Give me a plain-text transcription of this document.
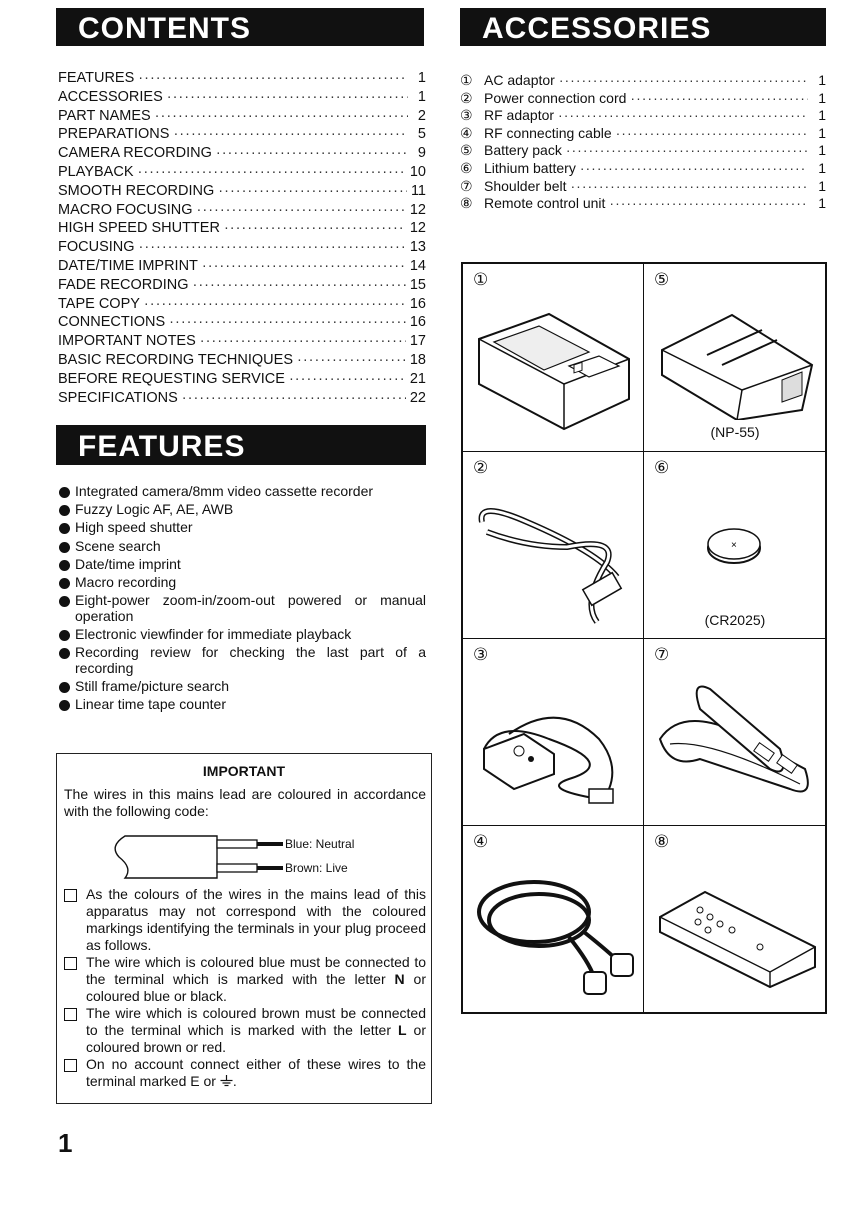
CONTENTS
FEATURES ·····	1
ACCESSORIES ·····	1
PART NAMES ·····	2
PREPARATIONS ·····	5
CAMERA RECORDING ·····	9
PLAYBACK ·····	10
SMOOTH RECORDING ·····	11
MACRO FOCUSING ·····	12
HIGH SPEED SHUTTER ·····	12
FOCUSING ·····	13
DATE/TIME IMPRINT ·····	14
FADE RECORDING ·····	15
TAPE COPY ·····	16
CONNECTIONS ·····	16
IMPORTANT NOTES ·····	17
BASIC RECORDING TECHNIQUES ·····	18
BEFORE REQUESTING SERVICE ·····	21
SPECIFICATIONS ·····	22
ACCESSORIES
① AC adaptor ·····	1
② Power connection cord ·····	1
③ RF adaptor ·····	1
④ RF connecting cable ·····	1
⑤ Battery pack ·····	1
⑥ Lithium battery ·····	1
⑦ Shoulder belt ·····	1
⑧ Remote control unit ·····	1
FEATURES
Integrated camera/8mm video cassette recorder
Fuzzy Logic AF, AE, AWB
High speed shutter
Scene search
Date/time imprint
Macro recording
Eight-power zoom-in/zoom-out powered or manual operation
Electronic viewfinder for immediate playback
Recording review for checking the last part of a recording
Still frame/picture search
Linear time tape counter
IMPORTANT
The wires in this mains lead are coloured in accordance with the following code:
Blue: Neutral
Brown: Live
As the colours of the wires in the mains lead of this apparatus may not correspond with the coloured markings identifying the terminals in your plug proceed as follows.
The wire which is coloured blue must be connected to the terminal which is marked with the letter N or coloured blue or black.
The wire which is coloured brown must be connected to the terminal which is marked with the letter L or coloured brown or red.
On no account connect either of these wires to the terminal marked E or .
1
①	⑤
(NP-55)
②	⑥
×
(CR2025)
③	⑦
④	⑧
